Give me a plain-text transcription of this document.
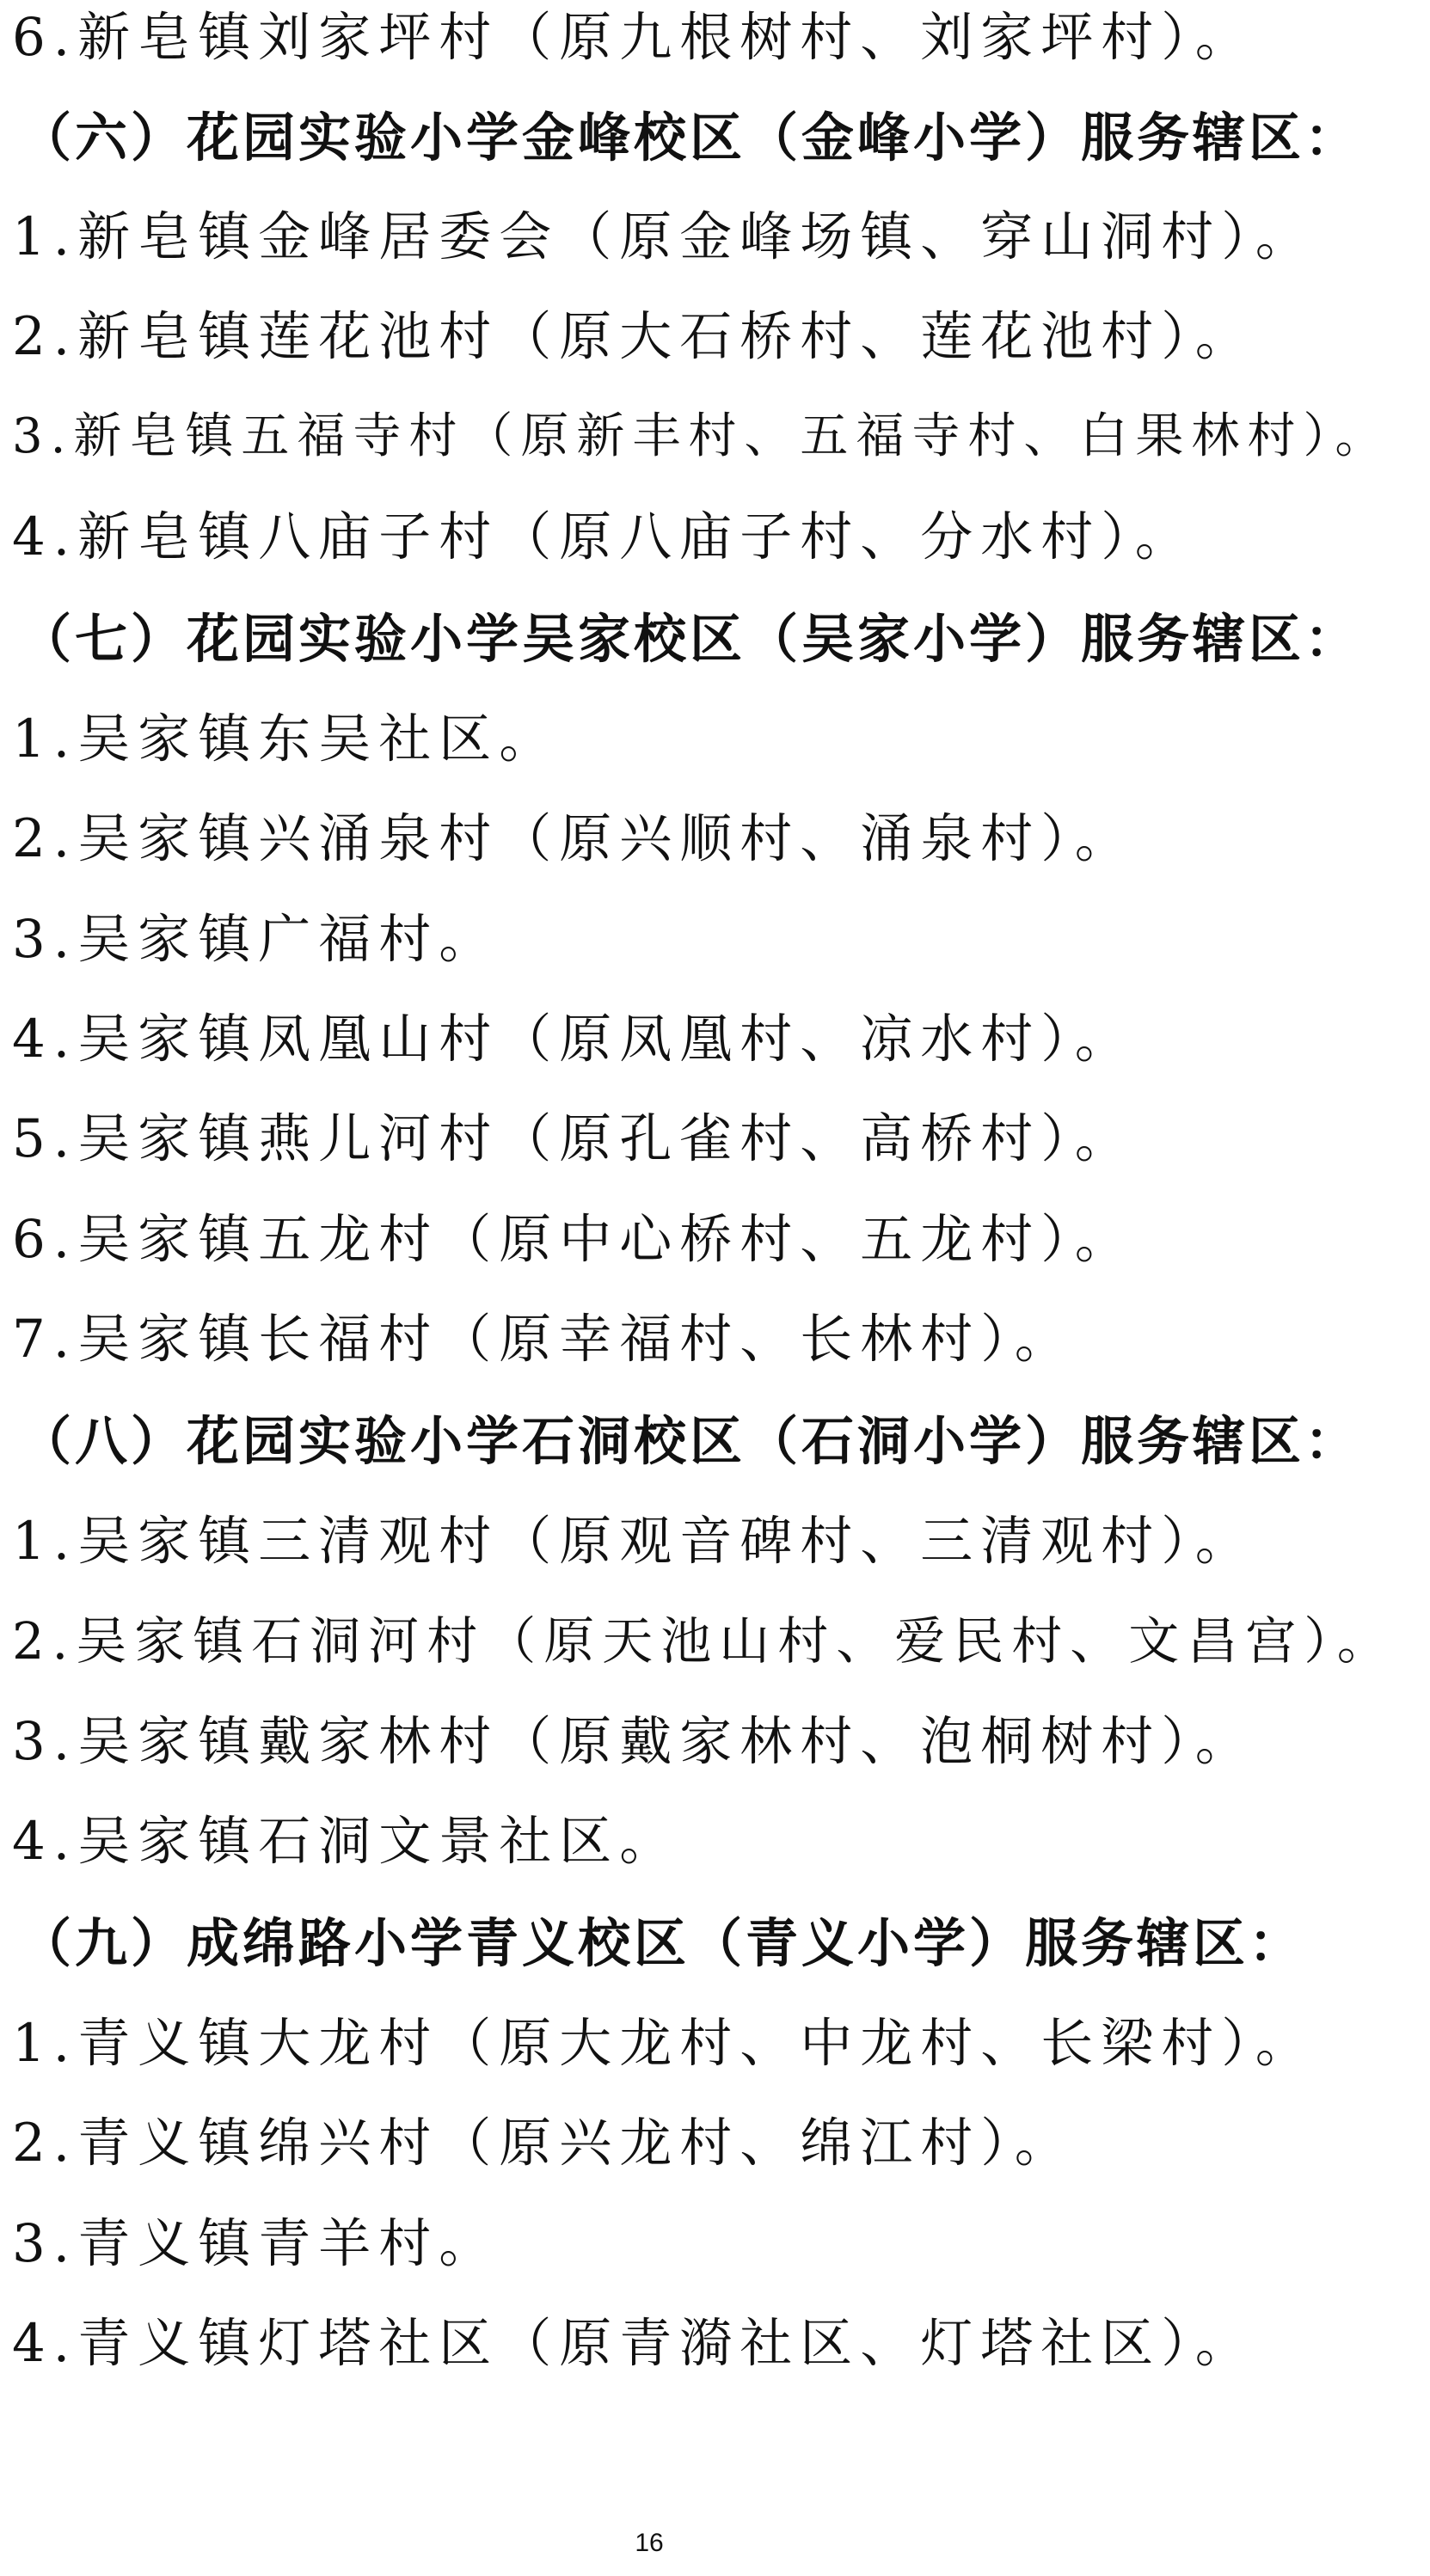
6.新皂镇刘家坪村（原九根树村、刘家坪村）。
（六）花园实验小学金峰校区（金峰小学）服务辖区：
1.新皂镇金峰居委会（原金峰场镇、穿山洞村）。
2.新皂镇莲花池村（原大石桥村、莲花池村）。
3.新皂镇五福寺村（原新丰村、五福寺村、白果林村）。
4.新皂镇八庙子村（原八庙子村、分水村）。
（七）花园实验小学吴家校区（吴家小学）服务辖区：
1.吴家镇东吴社区。
2.吴家镇兴涌泉村（原兴顺村、涌泉村）。
3.吴家镇广福村。
4.吴家镇凤凰山村（原凤凰村、凉水村）。
5.吴家镇燕儿河村（原孔雀村、高桥村）。
6.吴家镇五龙村（原中心桥村、五龙村）。
7.吴家镇长福村（原幸福村、长林村）。
（八）花园实验小学石洞校区（石洞小学）服务辖区：
1.吴家镇三清观村（原观音碑村、三清观村）。
2.吴家镇石洞河村（原天池山村、爱民村、文昌宫）。
3.吴家镇戴家林村（原戴家林村、泡桐树村）。
4.吴家镇石洞文景社区。
（九）成绵路小学青义校区（青义小学）服务辖区：
1.青义镇大龙村（原大龙村、中龙村、长梁村）。
2.青义镇绵兴村（原兴龙村、绵江村）。
3.青义镇青羊村。
4.青义镇灯塔社区（原青漪社区、灯塔社区）。
16
